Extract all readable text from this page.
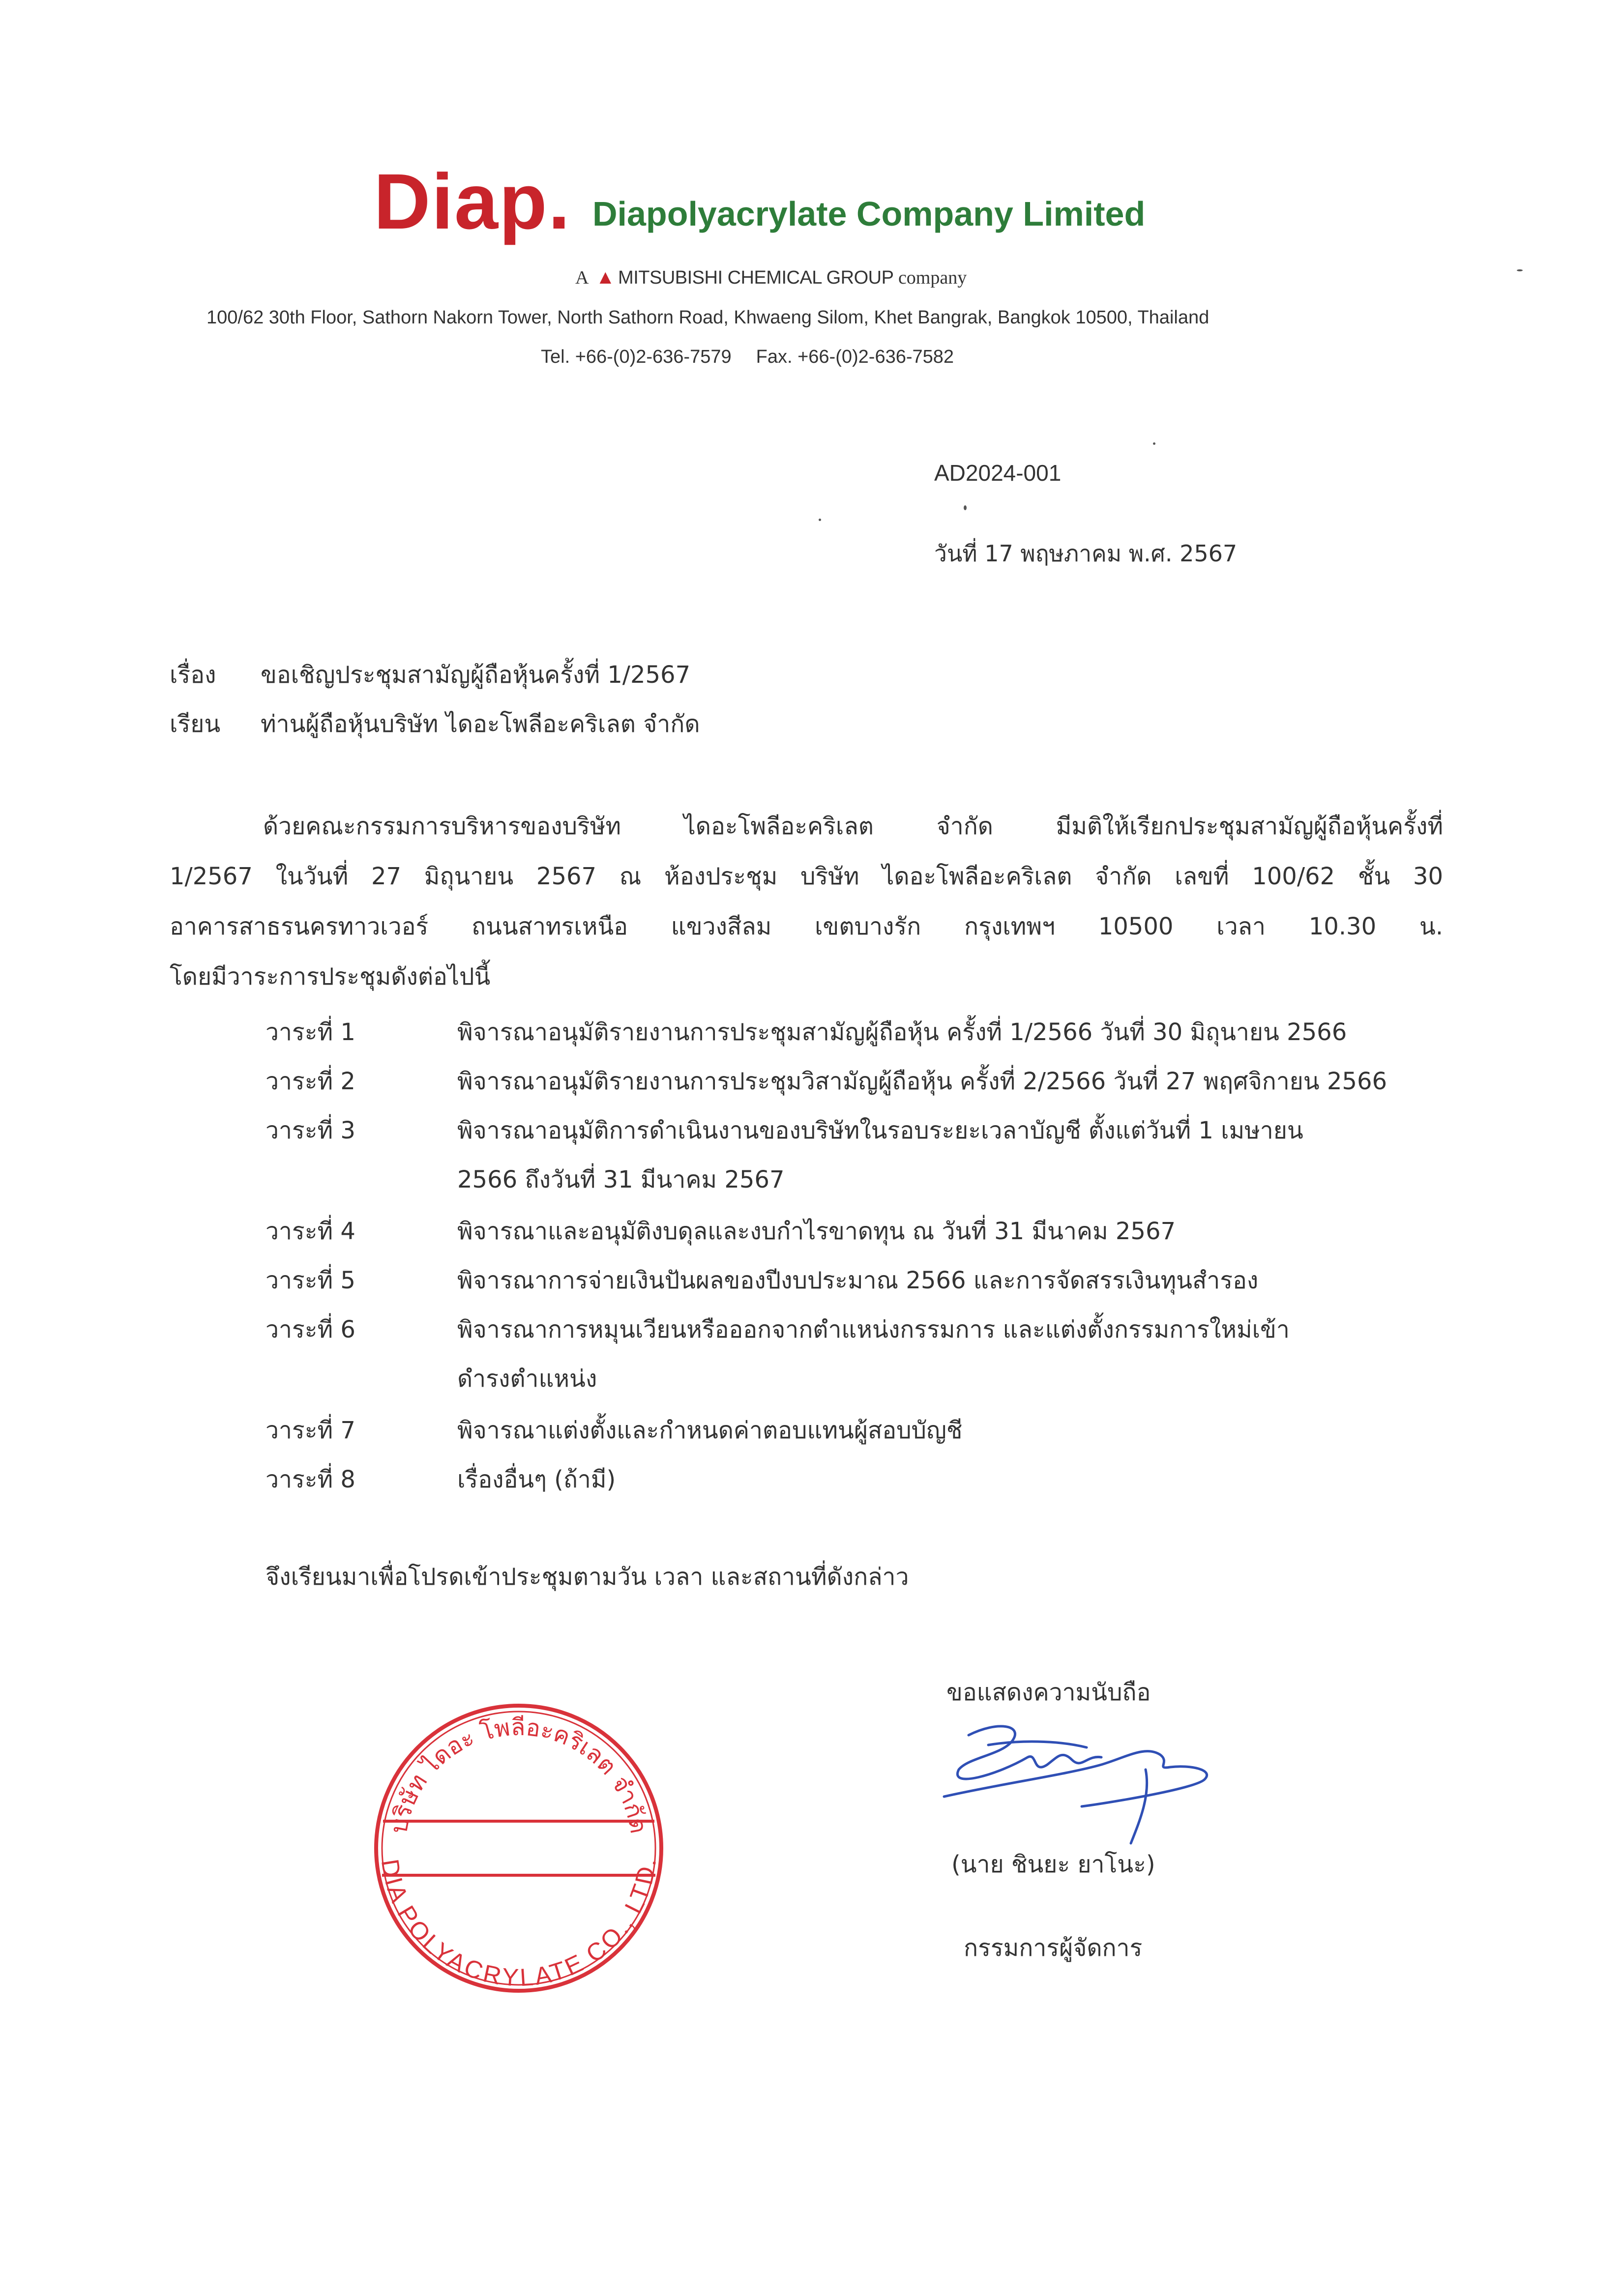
Diap. Diapolyacrylate Company Limited
A ▲ MITSUBISHI CHEMICAL GROUP company
100/62 30th Floor, Sathorn Nakorn Tower, North Sathorn Road, Khwaeng Silom, Khet Bangrak, Bangkok 10500, Thailand
Tel. +66-(0)2-636-7579 Fax. +66-(0)2-636-7582
AD2024-001
วันที่ 17 พฤษภาคม พ.ศ. 2567
เรื่อง ขอเชิญประชุมสามัญผู้ถือหุ้นครั้งที่ 1/2567
เรียน ท่านผู้ถือหุ้นบริษัท ไดอะโพลีอะคริเลต จำกัด
ด้วยคณะกรรมการบริหารของบริษัท ไดอะโพลีอะคริเลต จำกัด มีมติให้เรียกประชุมสามัญผู้ถือหุ้นครั้งที่
1/2567 ในวันที่ 27 มิถุนายน 2567 ณ ห้องประชุม บริษัท ไดอะโพลีอะคริเลต จำกัด เลขที่ 100/62 ชั้น 30
อาคารสาธรนครทาวเวอร์ ถนนสาทรเหนือ แขวงสีลม เขตบางรัก กรุงเทพฯ 10500 เวลา 10.30 น.
โดยมีวาระการประชุมดังต่อไปนี้
วาระที่ 1	พิจารณาอนุมัติรายงานการประชุมสามัญผู้ถือหุ้น ครั้งที่ 1/2566 วันที่ 30 มิถุนายน 2566
วาระที่ 2	พิจารณาอนุมัติรายงานการประชุมวิสามัญผู้ถือหุ้น ครั้งที่ 2/2566 วันที่ 27 พฤศจิกายน 2566
วาระที่ 3	พิจารณาอนุมัติการดำเนินงานของบริษัทในรอบระยะเวลาบัญชี ตั้งแต่วันที่ 1 เมษายน
2566 ถึงวันที่ 31 มีนาคม 2567
วาระที่ 4	พิจารณาและอนุมัติงบดุลและงบกำไรขาดทุน ณ วันที่ 31 มีนาคม 2567
วาระที่ 5	พิจารณาการจ่ายเงินปันผลของปีงบประมาณ 2566 และการจัดสรรเงินทุนสำรอง
วาระที่ 6	พิจารณาการหมุนเวียนหรือออกจากตำแหน่งกรรมการ และแต่งตั้งกรรมการใหม่เข้า
ดำรงตำแหน่ง
วาระที่ 7	พิจารณาแต่งตั้งและกำหนดค่าตอบแทนผู้สอบบัญชี
วาระที่ 8	เรื่องอื่นๆ (ถ้ามี)
จึงเรียนมาเพื่อโปรดเข้าประชุมตามวัน เวลา และสถานที่ดังกล่าว
ขอแสดงความนับถือ
(นาย ชินยะ ยาโนะ)
กรรมการผู้จัดการ
บริษัท ไดอะ โพลีอะคริเลต จำกัด
DIA POLYACRYLATE CO., LTD.
